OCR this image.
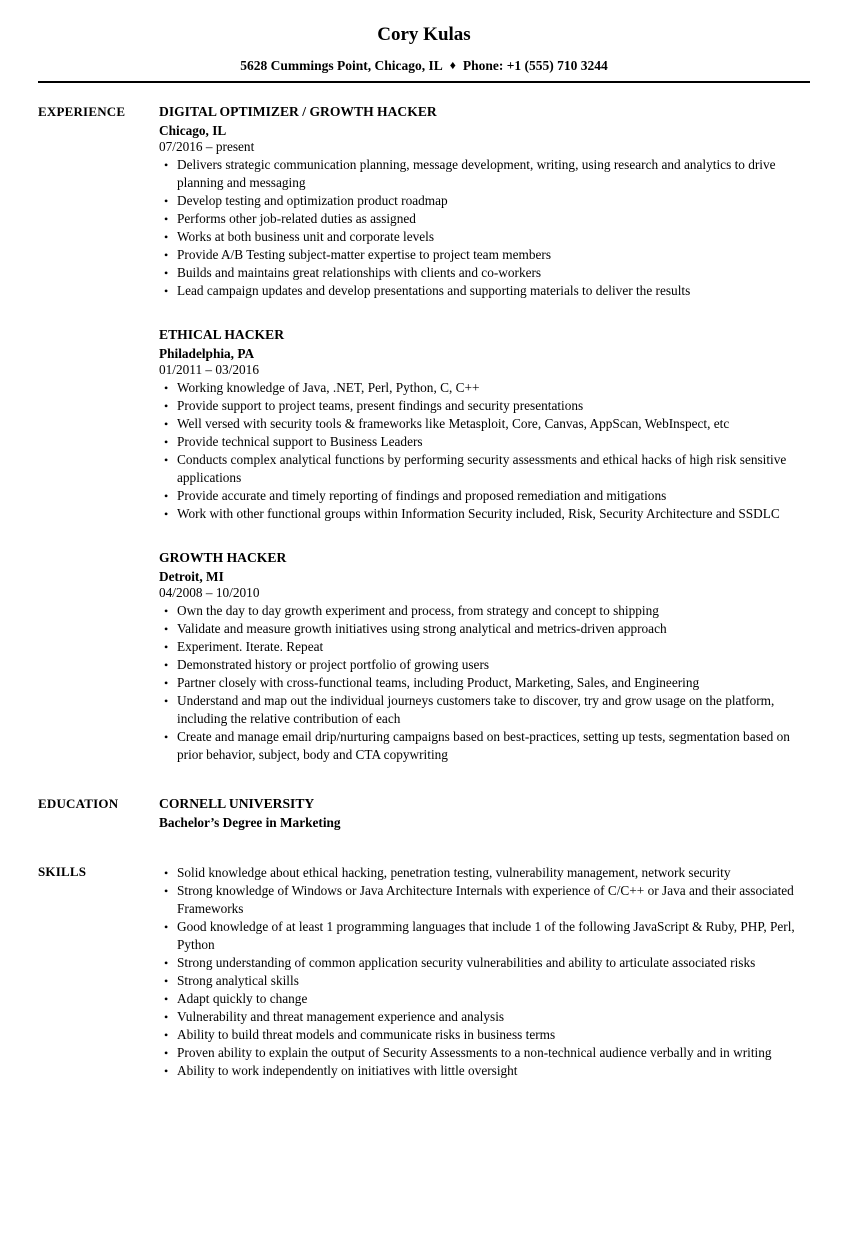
Cory Kulas

5628 Cummings Point, Chicago, IL ♦ Phone: +1 (555) 710 3244

EXPERIENCE	DIGITAL OPTIMIZER / GROWTH HACKER
Chicago, IL
07/2016 – present
• Delivers strategic communication planning, message development, writing, using research and analytics to drive planning and messaging
• Develop testing and optimization product roadmap
• Performs other job-related duties as assigned
• Works at both business unit and corporate levels
• Provide A/B Testing subject-matter expertise to project team members
• Builds and maintains great relationships with clients and co-workers
• Lead campaign updates and develop presentations and supporting materials to deliver the results
ETHICAL HACKER
Philadelphia, PA
01/2011 – 03/2016
• Working knowledge of Java, .NET, Perl, Python, C, C++
• Provide support to project teams, present findings and security presentations
• Well versed with security tools & frameworks like Metasploit, Core, Canvas, AppScan, WebInspect, etc
• Provide technical support to Business Leaders
• Conducts complex analytical functions by performing security assessments and ethical hacks of high risk sensitive applications
• Provide accurate and timely reporting of findings and proposed remediation and mitigations
• Work with other functional groups within Information Security included, Risk, Security Architecture and SSDLC
GROWTH HACKER
Detroit, MI
04/2008 – 10/2010
• Own the day to day growth experiment and process, from strategy and concept to shipping
• Validate and measure growth initiatives using strong analytical and metrics-driven approach
• Experiment. Iterate. Repeat
• Demonstrated history or project portfolio of growing users
• Partner closely with cross-functional teams, including Product, Marketing, Sales, and Engineering
• Understand and map out the individual journeys customers take to discover, try and grow usage on the platform, including the relative contribution of each
• Create and manage email drip/nurturing campaigns based on best-practices, setting up tests, segmentation based on prior behavior, subject, body and CTA copywriting
EDUCATION	CORNELL UNIVERSITY
Bachelor’s Degree in Marketing
SKILLS	• Solid knowledge about ethical hacking, penetration testing, vulnerability management, network security
• Strong knowledge of Windows or Java Architecture Internals with experience of C/C++ or Java and their associated Frameworks
• Good knowledge of at least 1 programming languages that include 1 of the following JavaScript & Ruby, PHP, Perl, Python
• Strong understanding of common application security vulnerabilities and ability to articulate associated risks
• Strong analytical skills
• Adapt quickly to change
• Vulnerability and threat management experience and analysis
• Ability to build threat models and communicate risks in business terms
• Proven ability to explain the output of Security Assessments to a non-technical audience verbally and in writing
• Ability to work independently on initiatives with little oversight
